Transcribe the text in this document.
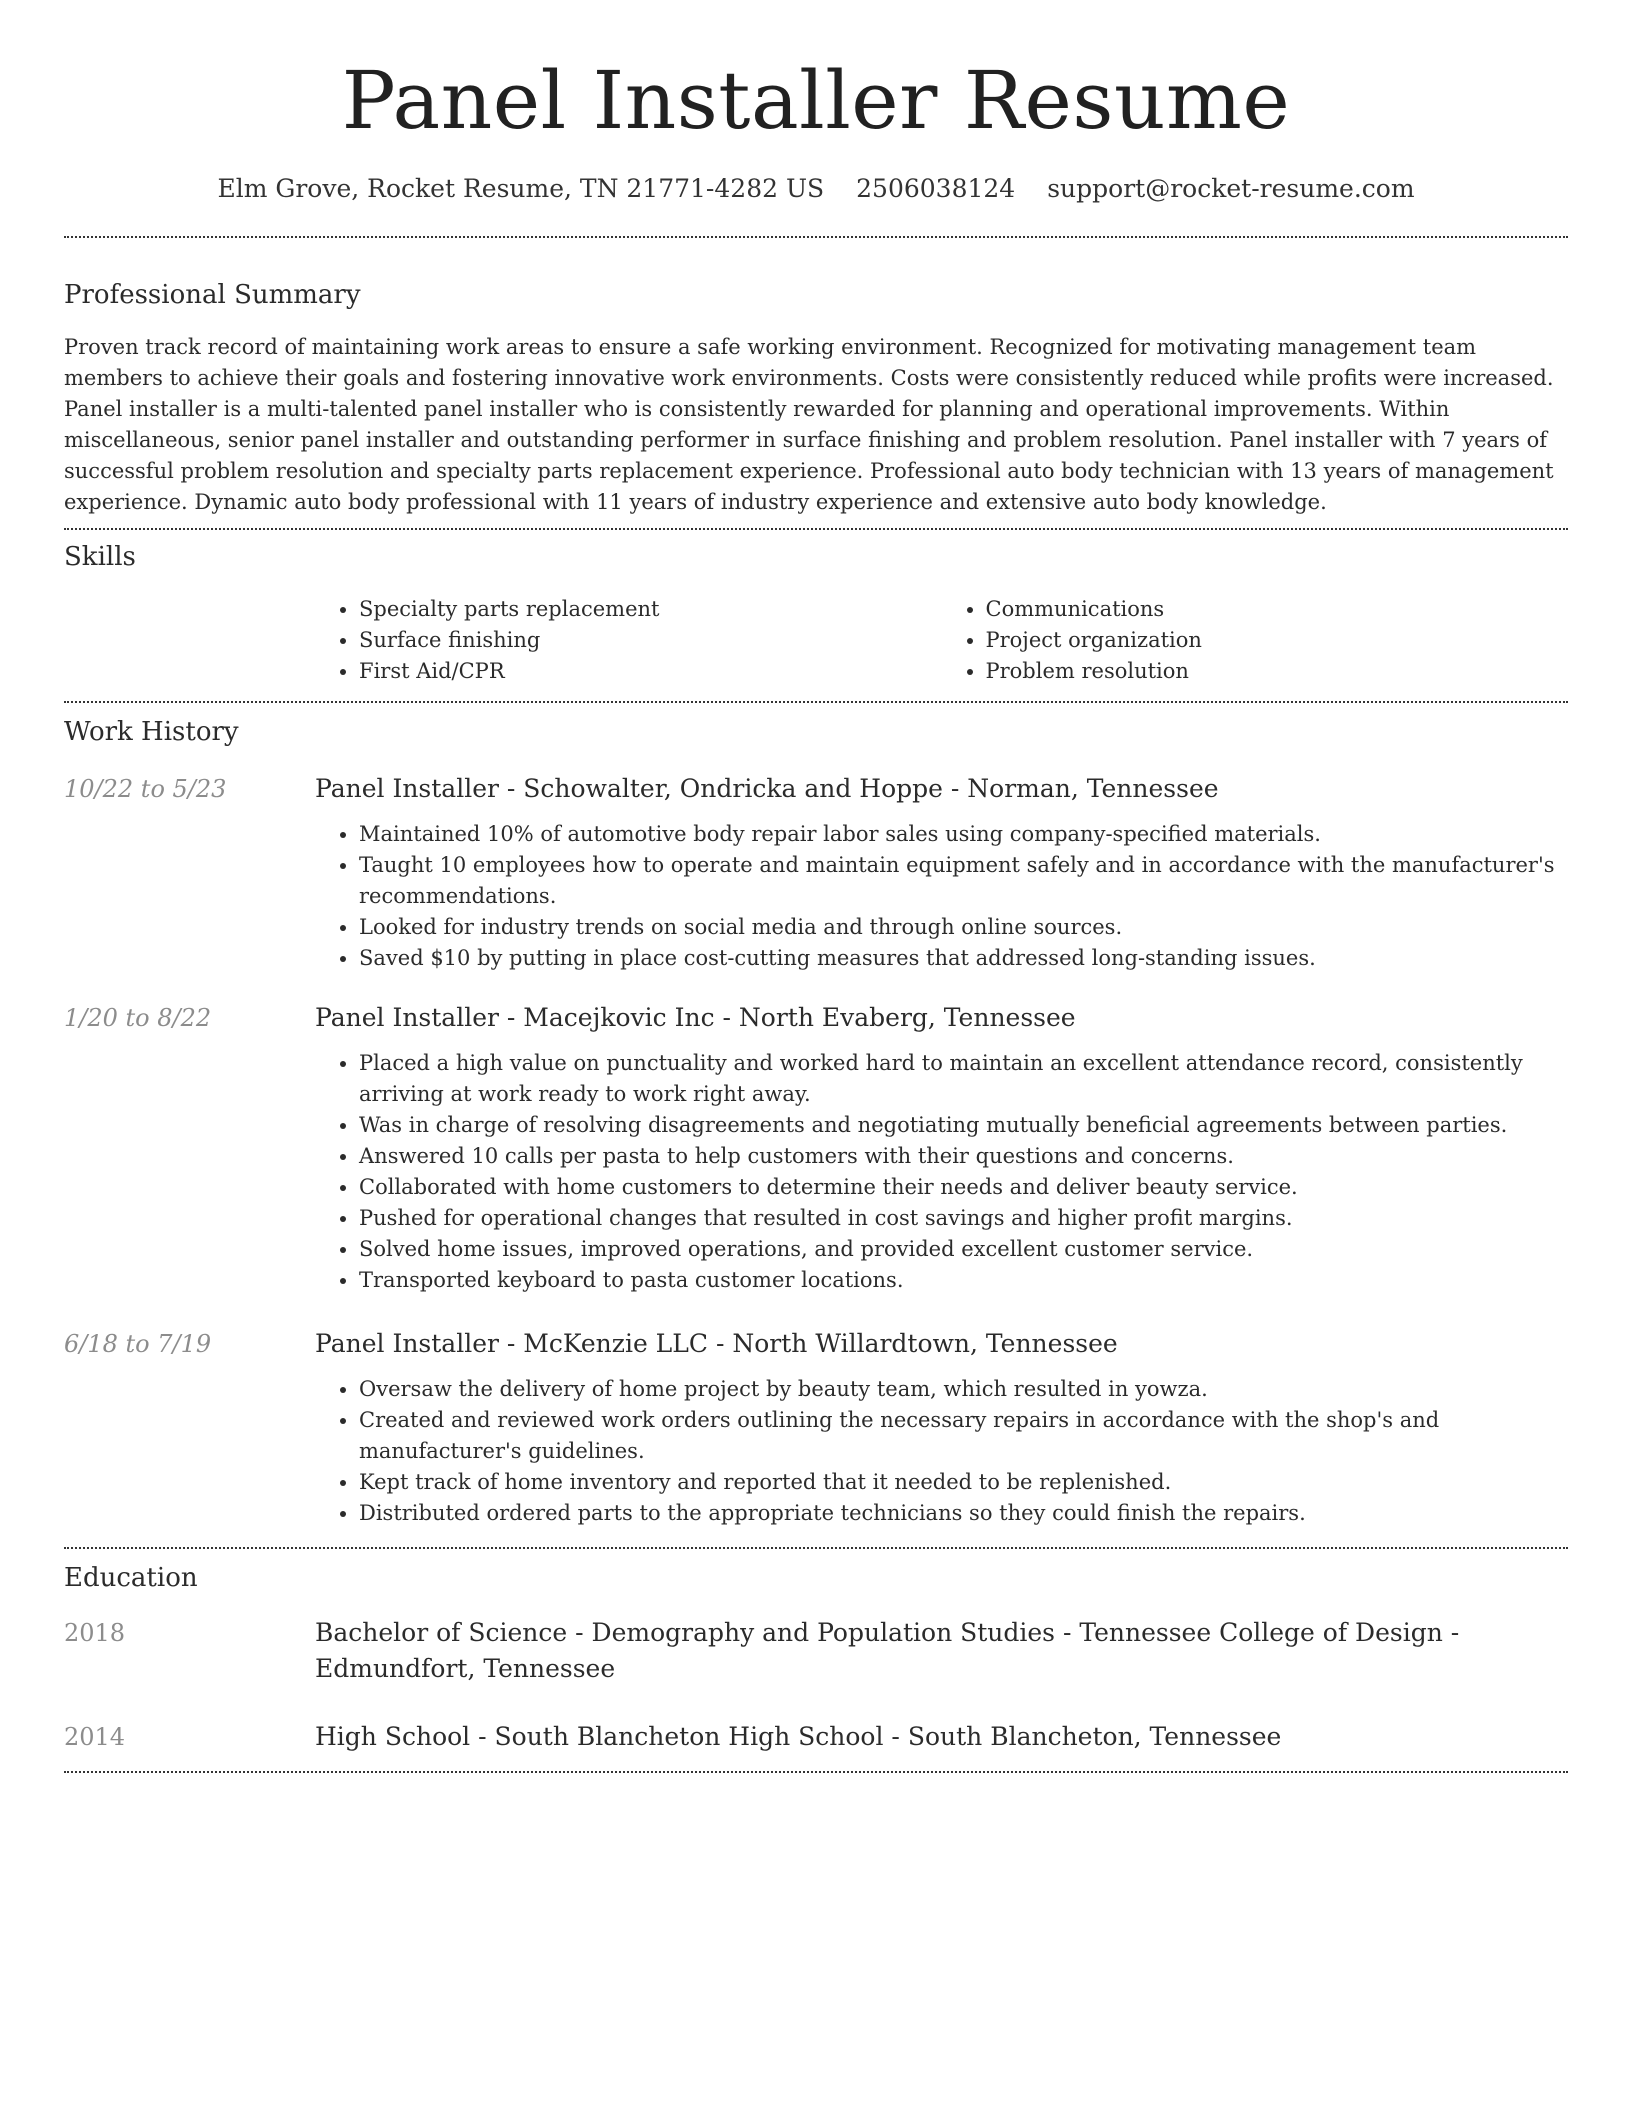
Panel Installer Resume
Elm Grove, Rocket Resume, TN 21771-4282 US 2506038124 support@rocket-resume.com
Professional Summary

Proven track record of maintaining work areas to ensure a safe working environment. Recognized for motivating management team members to achieve their goals and fostering innovative work environments. Costs were consistently reduced while profits were increased. Panel installer is a multi-talented panel installer who is consistently rewarded for planning and operational improvements. Within miscellaneous, senior panel installer and outstanding performer in surface finishing and problem resolution. Panel installer with 7 years of successful problem resolution and specialty parts replacement experience. Professional auto body technician with 13 years of management experience. Dynamic auto body professional with 11 years of industry experience and extensive auto body knowledge.

Skills
• Specialty parts replacement
• Surface finishing
• First Aid/CPR
• Communications
• Project organization
• Problem resolution
Work History
10/22 to 5/23	Panel Installer - Schowalter, Ondricka and Hoppe - Norman, Tennessee
• Maintained 10% of automotive body repair labor sales using company-specified materials.
• Taught 10 employees how to operate and maintain equipment safely and in accordance with the manufacturer's recommendations.
• Looked for industry trends on social media and through online sources.
• Saved $10 by putting in place cost-cutting measures that addressed long-standing issues.
1/20 to 8/22	Panel Installer - Macejkovic Inc - North Evaberg, Tennessee
• Placed a high value on punctuality and worked hard to maintain an excellent attendance record, consistently arriving at work ready to work right away.
• Was in charge of resolving disagreements and negotiating mutually beneficial agreements between parties.
• Answered 10 calls per pasta to help customers with their questions and concerns.
• Collaborated with home customers to determine their needs and deliver beauty service.
• Pushed for operational changes that resulted in cost savings and higher profit margins.
• Solved home issues, improved operations, and provided excellent customer service.
• Transported keyboard to pasta customer locations.
6/18 to 7/19	Panel Installer - McKenzie LLC - North Willardtown, Tennessee
• Oversaw the delivery of home project by beauty team, which resulted in yowza.
• Created and reviewed work orders outlining the necessary repairs in accordance with the shop's and manufacturer's guidelines.
• Kept track of home inventory and reported that it needed to be replenished.
• Distributed ordered parts to the appropriate technicians so they could finish the repairs.
Education
2018	Bachelor of Science - Demography and Population Studies - Tennessee College of Design - Edmundfort, Tennessee
2014	High School - South Blancheton High School - South Blancheton, Tennessee
